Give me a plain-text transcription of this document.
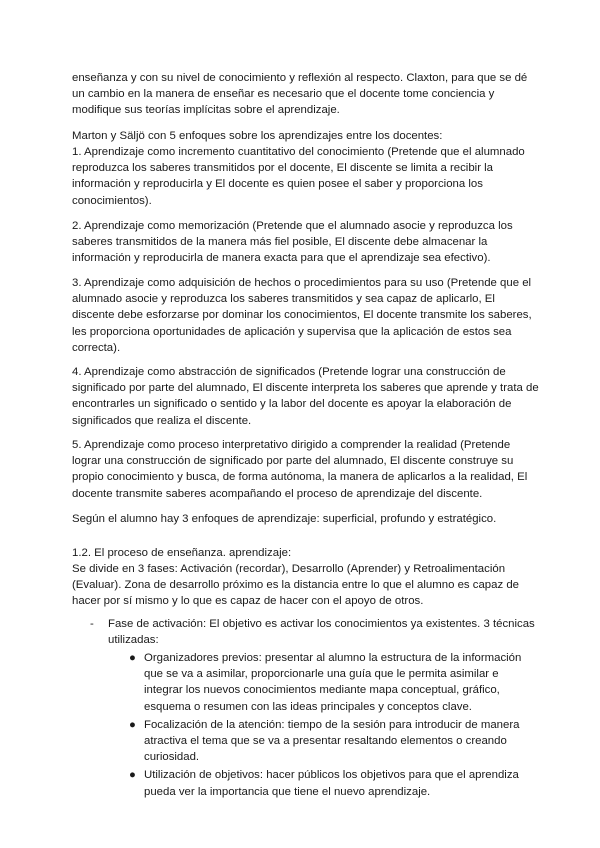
enseñanza y con su nivel de conocimiento y reflexión al respecto. Claxton, para que se dé
un cambio en la manera de enseñar es necesario que el docente tome conciencia y
modifique sus teorías implícitas sobre el aprendizaje.

Marton y Säljö con 5 enfoques sobre los aprendizajes entre los docentes:

1. Aprendizaje como incremento cuantitativo del conocimiento (Pretende que el alumnado
reproduzca los saberes transmitidos por el docente, El discente se limita a recibir la
información y reproducirla y El docente es quien posee el saber y proporciona los
conocimientos).

2. Aprendizaje como memorización (Pretende que el alumnado asocie y reproduzca los
saberes transmitidos de la manera más fiel posible, El discente debe almacenar la
información y reproducirla de manera exacta para que el aprendizaje sea efectivo).

3. Aprendizaje como adquisición de hechos o procedimientos para su uso (Pretende que el
alumnado asocie y reproduzca los saberes transmitidos y sea capaz de aplicarlo, El
discente debe esforzarse por dominar los conocimientos, El docente transmite los saberes,
les proporciona oportunidades de aplicación y supervisa que la aplicación de estos sea
correcta).

4. Aprendizaje como abstracción de significados (Pretende lograr una construcción de
significado por parte del alumnado, El discente interpreta los saberes que aprende y trata de
encontrarles un significado o sentido y la labor del docente es apoyar la elaboración de
significados que realiza el discente.

5. Aprendizaje como proceso interpretativo dirigido a comprender la realidad (Pretende
lograr una construcción de significado por parte del alumnado, El discente construye su
propio conocimiento y busca, de forma autónoma, la manera de aplicarlos a la realidad, El
docente transmite saberes acompañando el proceso de aprendizaje del discente.

Según el alumno hay 3 enfoques de aprendizaje: superficial, profundo y estratégico.

1.2. El proceso de enseñanza. aprendizaje:

Se divide en 3 fases: Activación (recordar), Desarrollo (Aprender) y Retroalimentación
(Evaluar). Zona de desarrollo próximo es la distancia entre lo que el alumno es capaz de
hacer por sí mismo y lo que es capaz de hacer con el apoyo de otros.

- Fase de activación: El objetivo es activar los conocimientos ya existentes. 3 técnicas
utilizadas:

● Organizadores previos: presentar al alumno la estructura de la información
que se va a asimilar, proporcionarle una guía que le permita asimilar e
integrar los nuevos conocimientos mediante mapa conceptual, gráfico,
esquema o resumen con las ideas principales y conceptos clave.
● Focalización de la atención: tiempo de la sesión para introducir de manera
atractiva el tema que se va a presentar resaltando elementos o creando
curiosidad.
● Utilización de objetivos: hacer públicos los objetivos para que el aprendiza
pueda ver la importancia que tiene el nuevo aprendizaje.
